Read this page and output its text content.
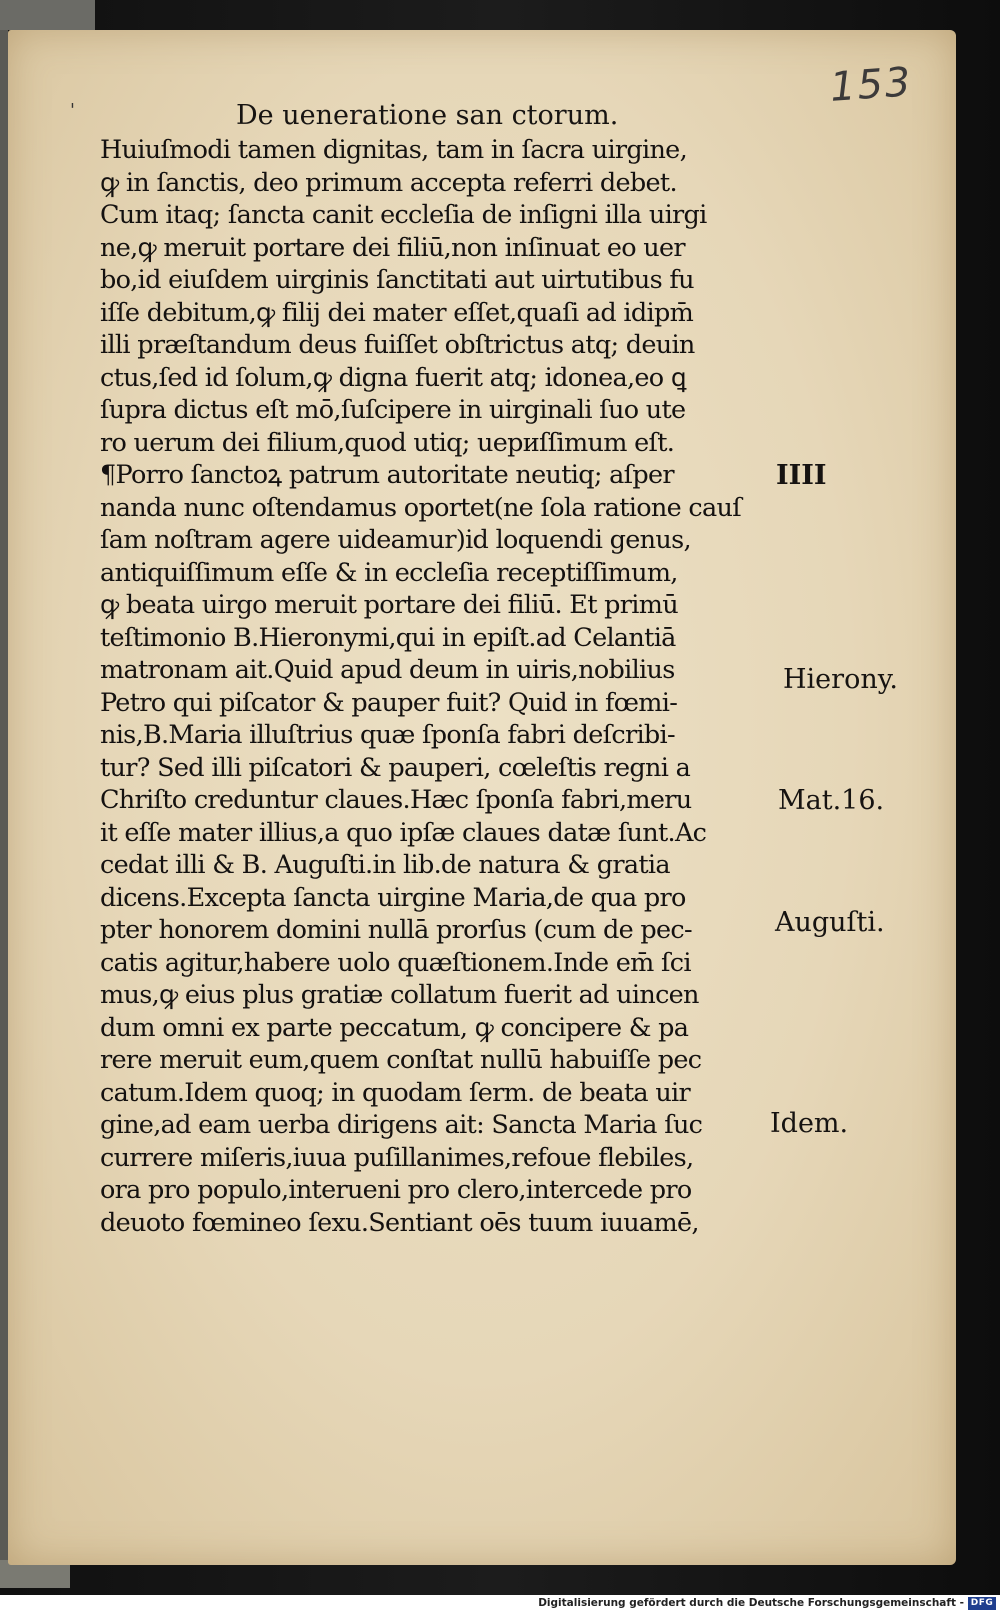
153
'	De ueneratione san ctorum.
Huiuſmodi tamen dignitas, tam in ſacra uirgine,
ꝙ in ſanctis, deo primum accepta referri debet.
Cum itaq; ſancta canit eccleſia de inſigni illa uirgi
ne,ꝙ meruit portare dei filiū,non inſinuat eo uer
bo,id eiuſdem uirginis ſanctitati aut uirtutibus fu
iſſe debitum,ꝙ filij dei mater eſſet,quaſi ad idipm̄
illi præſtandum deus fuiſſet obſtrictus atq; deuin
ctus,ſed id ſolum,ꝙ digna fuerit atq; idonea,eo ꝗ
ſupra dictus eſt mō,ſuſcipere in uirginali ſuo ute
ro uerum dei filium,quod utiq; uериſſimum eſt.
¶Porro ſanctoꝝ patrum autoritate neutiq; aſper
nanda nunc oſtendamus oportet(ne ſola ratione cauſ
ſam noſtram agere uideamur)id loquendi genus,
antiquiſſimum eſſe & in eccleſia receptiſſimum,
ꝙ beata uirgo meruit portare dei filiū. Et primū
teſtimonio B.Hieronymi,qui in epiſt.ad Celantiā
matronam ait.Quid apud deum in uiris,nobilius
Petro qui piſcator & pauper fuit? Quid in fœmi-
nis,B.Maria illuſtrius quæ ſponſa fabri deſcribi-
tur? Sed illi piſcatori & pauperi, cœleſtis regni a
Chriſto creduntur claues.Hæc ſponſa fabri,meru
it eſſe mater illius,a quo ipſæ claues datæ ſunt.Ac
cedat illi & B. Auguſti.in lib.de natura & gratia
dicens.Excepta ſancta uirgine Maria,de qua pro
pter honorem domini nullā prorſus (cum de pec-
catis agitur,habere uolo quæſtionem.Inde em̄ ſci
mus,ꝙ eius plus gratiæ collatum fuerit ad uincen
dum omni ex parte peccatum, ꝙ concipere & pa
rere meruit eum,quem conſtat nullū habuiſſe pec
catum.Idem quoq; in quodam ſerm. de beata uir
gine,ad eam uerba dirigens ait: Sancta Maria ſuc
currere miſeris,iuua puſillanimes,refoue flebiles,
ora pro populo,interueni pro clero,intercede pro
deuoto fœmineo ſexu.Sentiant oēs tuum iuuamē,
IIII
Hierony.
Mat.16.
Auguſti.
Idem.
Digitalisierung gefördert durch die Deutsche Forschungsgemeinschaft - DFG
